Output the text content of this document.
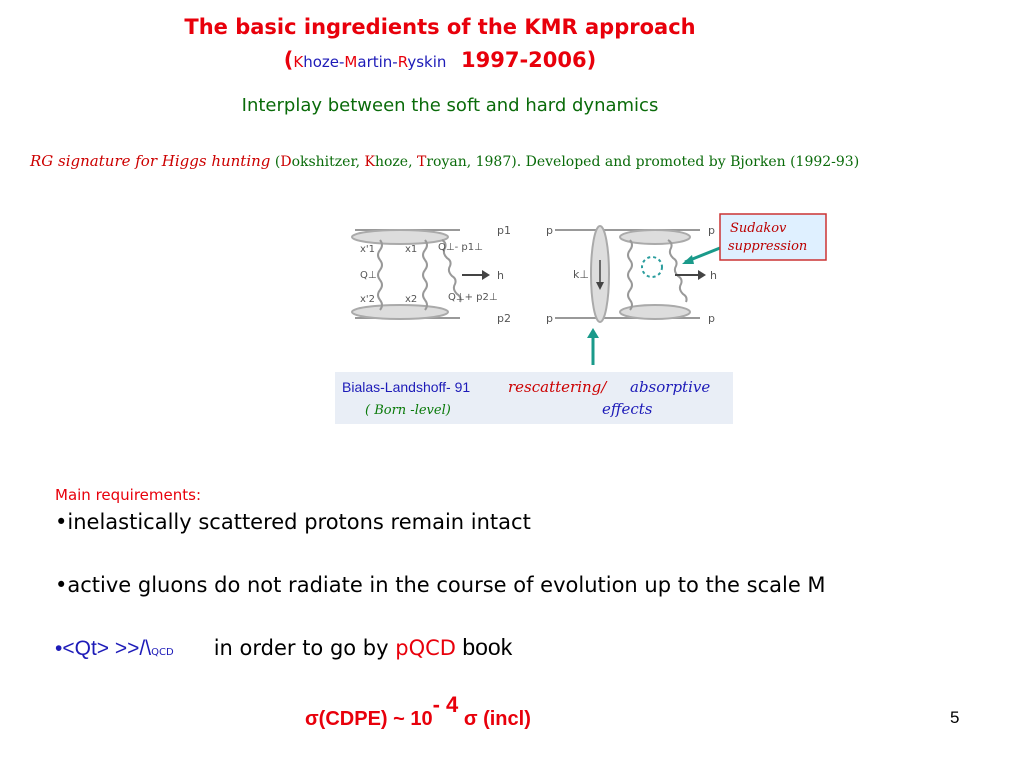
The basic ingredients of the KMR approach
(Khoze-Martin-Ryskin 1997-2006)
Interplay between the soft and hard dynamics
RG signature for Higgs hunting (Dokshitzer, Khoze, Troyan, 1987). Developed and promoted by Bjorken (1992-93)
p1
p2
h
x'1	x1
Q⊥
x'2	x2
Q⊥- p1⊥
Q⊥+ p2⊥
k⊥
p	p
p	p
h
Sudakov
suppression
Bialas-Landshoff- 91
( Born -level)
rescattering/ absorptive
effects
Main requirements:
•inelastically scattered protons remain intact
•active gluons do not radiate in the course of evolution up to the scale M
•<Qt> >>/\QCD      in order to go by pQCD book
σ(CDPE) ~ 10- 4 σ (incl)	5
